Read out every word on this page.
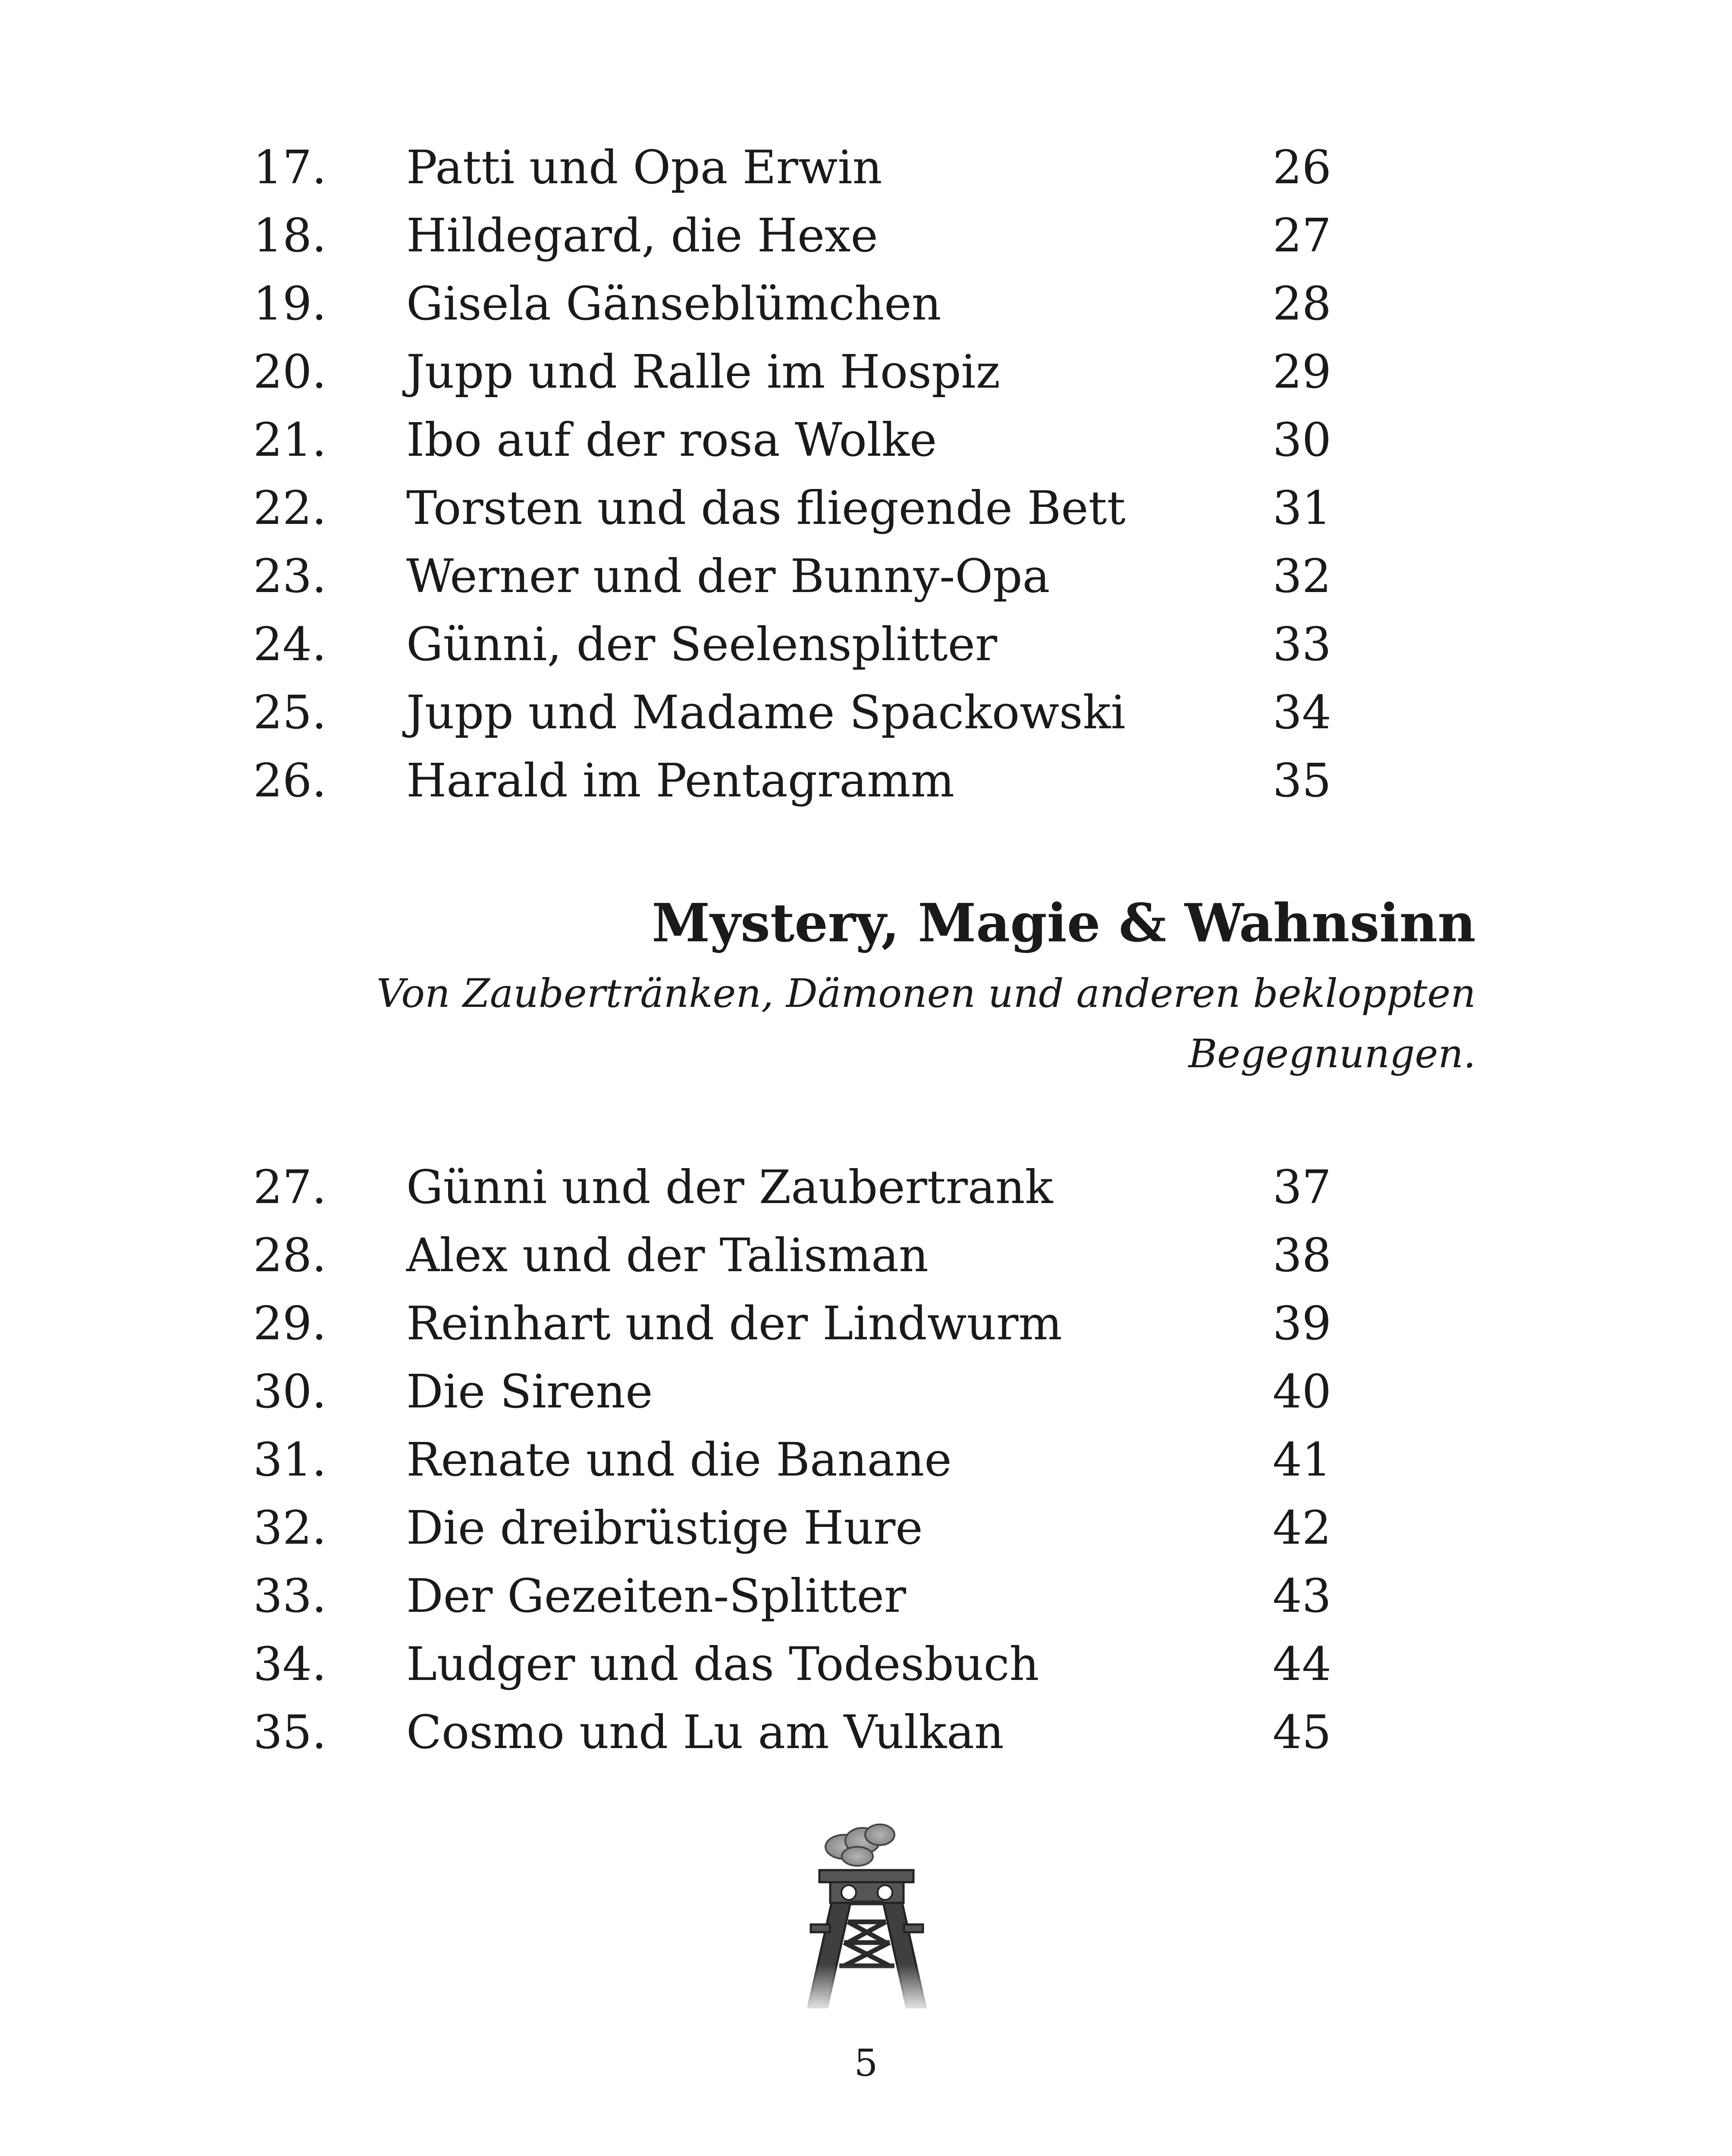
17. Patti und Opa Erwin	26
18. Hildegard, die Hexe	27
19. Gisela Gänseblümchen	28
20. Jupp und Ralle im Hospiz	29
21. Ibo auf der rosa Wolke	30
22. Torsten und das fliegende Bett	31
23. Werner und der Bunny-Opa	32
24. Günni, der Seelensplitter	33
25. Jupp und Madame Spackowski	34
26. Harald im Pentagramm	35
Mystery, Magie & Wahnsinn
Von Zaubertränken, Dämonen und anderen bekloppten
Begegnungen.
27. Günni und der Zaubertrank	37
28. Alex und der Talisman	38
29. Reinhart und der Lindwurm	39
30. Die Sirene	40
31. Renate und die Banane	41
32. Die dreibrüstige Hure	42
33. Der Gezeiten-Splitter	43
34. Ludger und das Todesbuch	44
35. Cosmo und Lu am Vulkan	45
5
